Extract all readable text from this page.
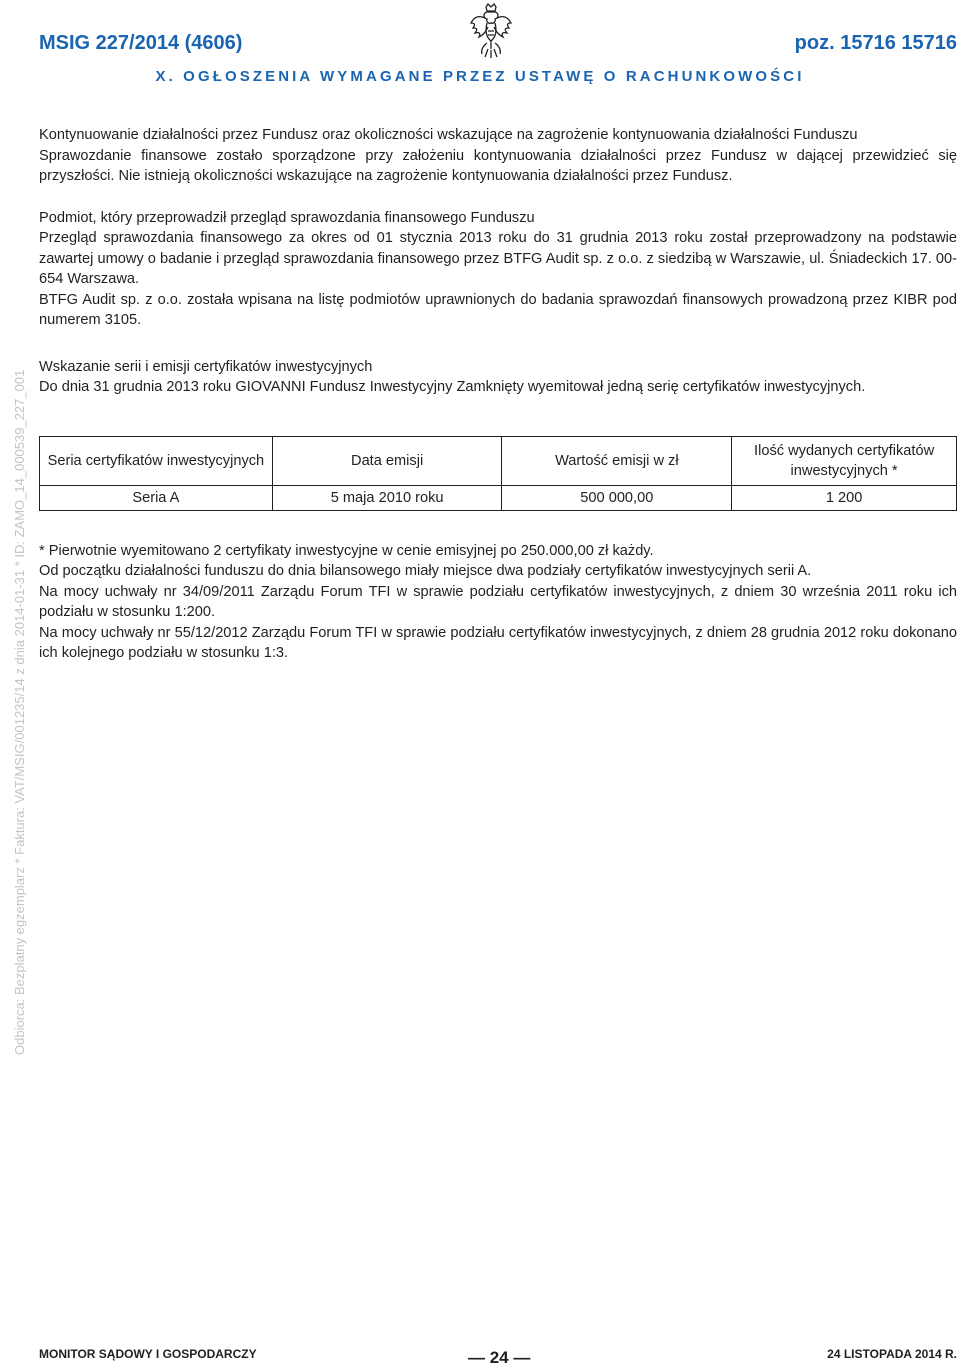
MSIG 227/2014 (4606)	poz. 15716 15716
X. OGŁOSZENIA WYMAGANE PRZEZ USTAWĘ O RACHUNKOWOŚCI
Odbiorca: Bezpłatny egzemplarz * Faktura: VAT/MSIG/001235/14 z dnia 2014-01-31 * ID: ZAMO_14_000539_227_001

Kontynuowanie działalności przez Fundusz oraz okoliczności wskazujące na zagrożenie kontynuowania działalności Funduszu

Sprawozdanie finansowe zostało sporządzone przy założeniu kontynuowania działalności przez Fundusz w dającej przewidzieć się przyszłości. Nie istnieją okoliczności wskazujące na zagrożenie kontynuowania działalności przez Fundusz.

Podmiot, który przeprowadził przegląd sprawozdania finansowego Funduszu

Przegląd sprawozdania finansowego za okres od 01 stycznia 2013 roku do 31 grudnia 2013 roku został przeprowadzony na podstawie zawartej umowy o badanie i przegląd sprawozdania finansowego przez BTFG Audit sp. z o.o. z siedzibą w Warszawie, ul. Śniadeckich 17. 00-654 Warszawa.

BTFG Audit sp. z o.o. została wpisana na listę podmiotów uprawnionych do badania sprawozdań finansowych prowadzoną przez KIBR pod numerem 3105.

Wskazanie serii i emisji certyfikatów inwestycyjnych

Do dnia 31 grudnia 2013 roku GIOVANNI Fundusz Inwestycyjny Zamknięty wyemitował jedną serię certyfikatów inwestycyjnych.

Seria certyfikatów inwestycyjnych	Data emisji	Wartość emisji w zł	Ilość wydanych certyfikatów inwestycyjnych *
Seria A	5 maja 2010 roku	500 000,00	1 200

* Pierwotnie wyemitowano 2 certyfikaty inwestycyjne w cenie emisyjnej po 250.000,00 zł każdy.

Od początku działalności funduszu do dnia bilansowego miały miejsce dwa podziały certyfikatów inwestycyjnych serii A.

Na mocy uchwały nr 34/09/2011 Zarządu Forum TFI w sprawie podziału certyfikatów inwestycyjnych, z dniem 30 września 2011 roku ich podziału w stosunku 1:200.

Na mocy uchwały nr 55/12/2012 Zarządu Forum TFI w sprawie podziału certyfikatów inwestycyjnych, z dniem 28 grudnia 2012 roku dokonano ich kolejnego podziału w stosunku 1:3.

MONITOR SĄDOWY I GOSPODARCZY	— 24 —	24 LISTOPADA 2014 R.
